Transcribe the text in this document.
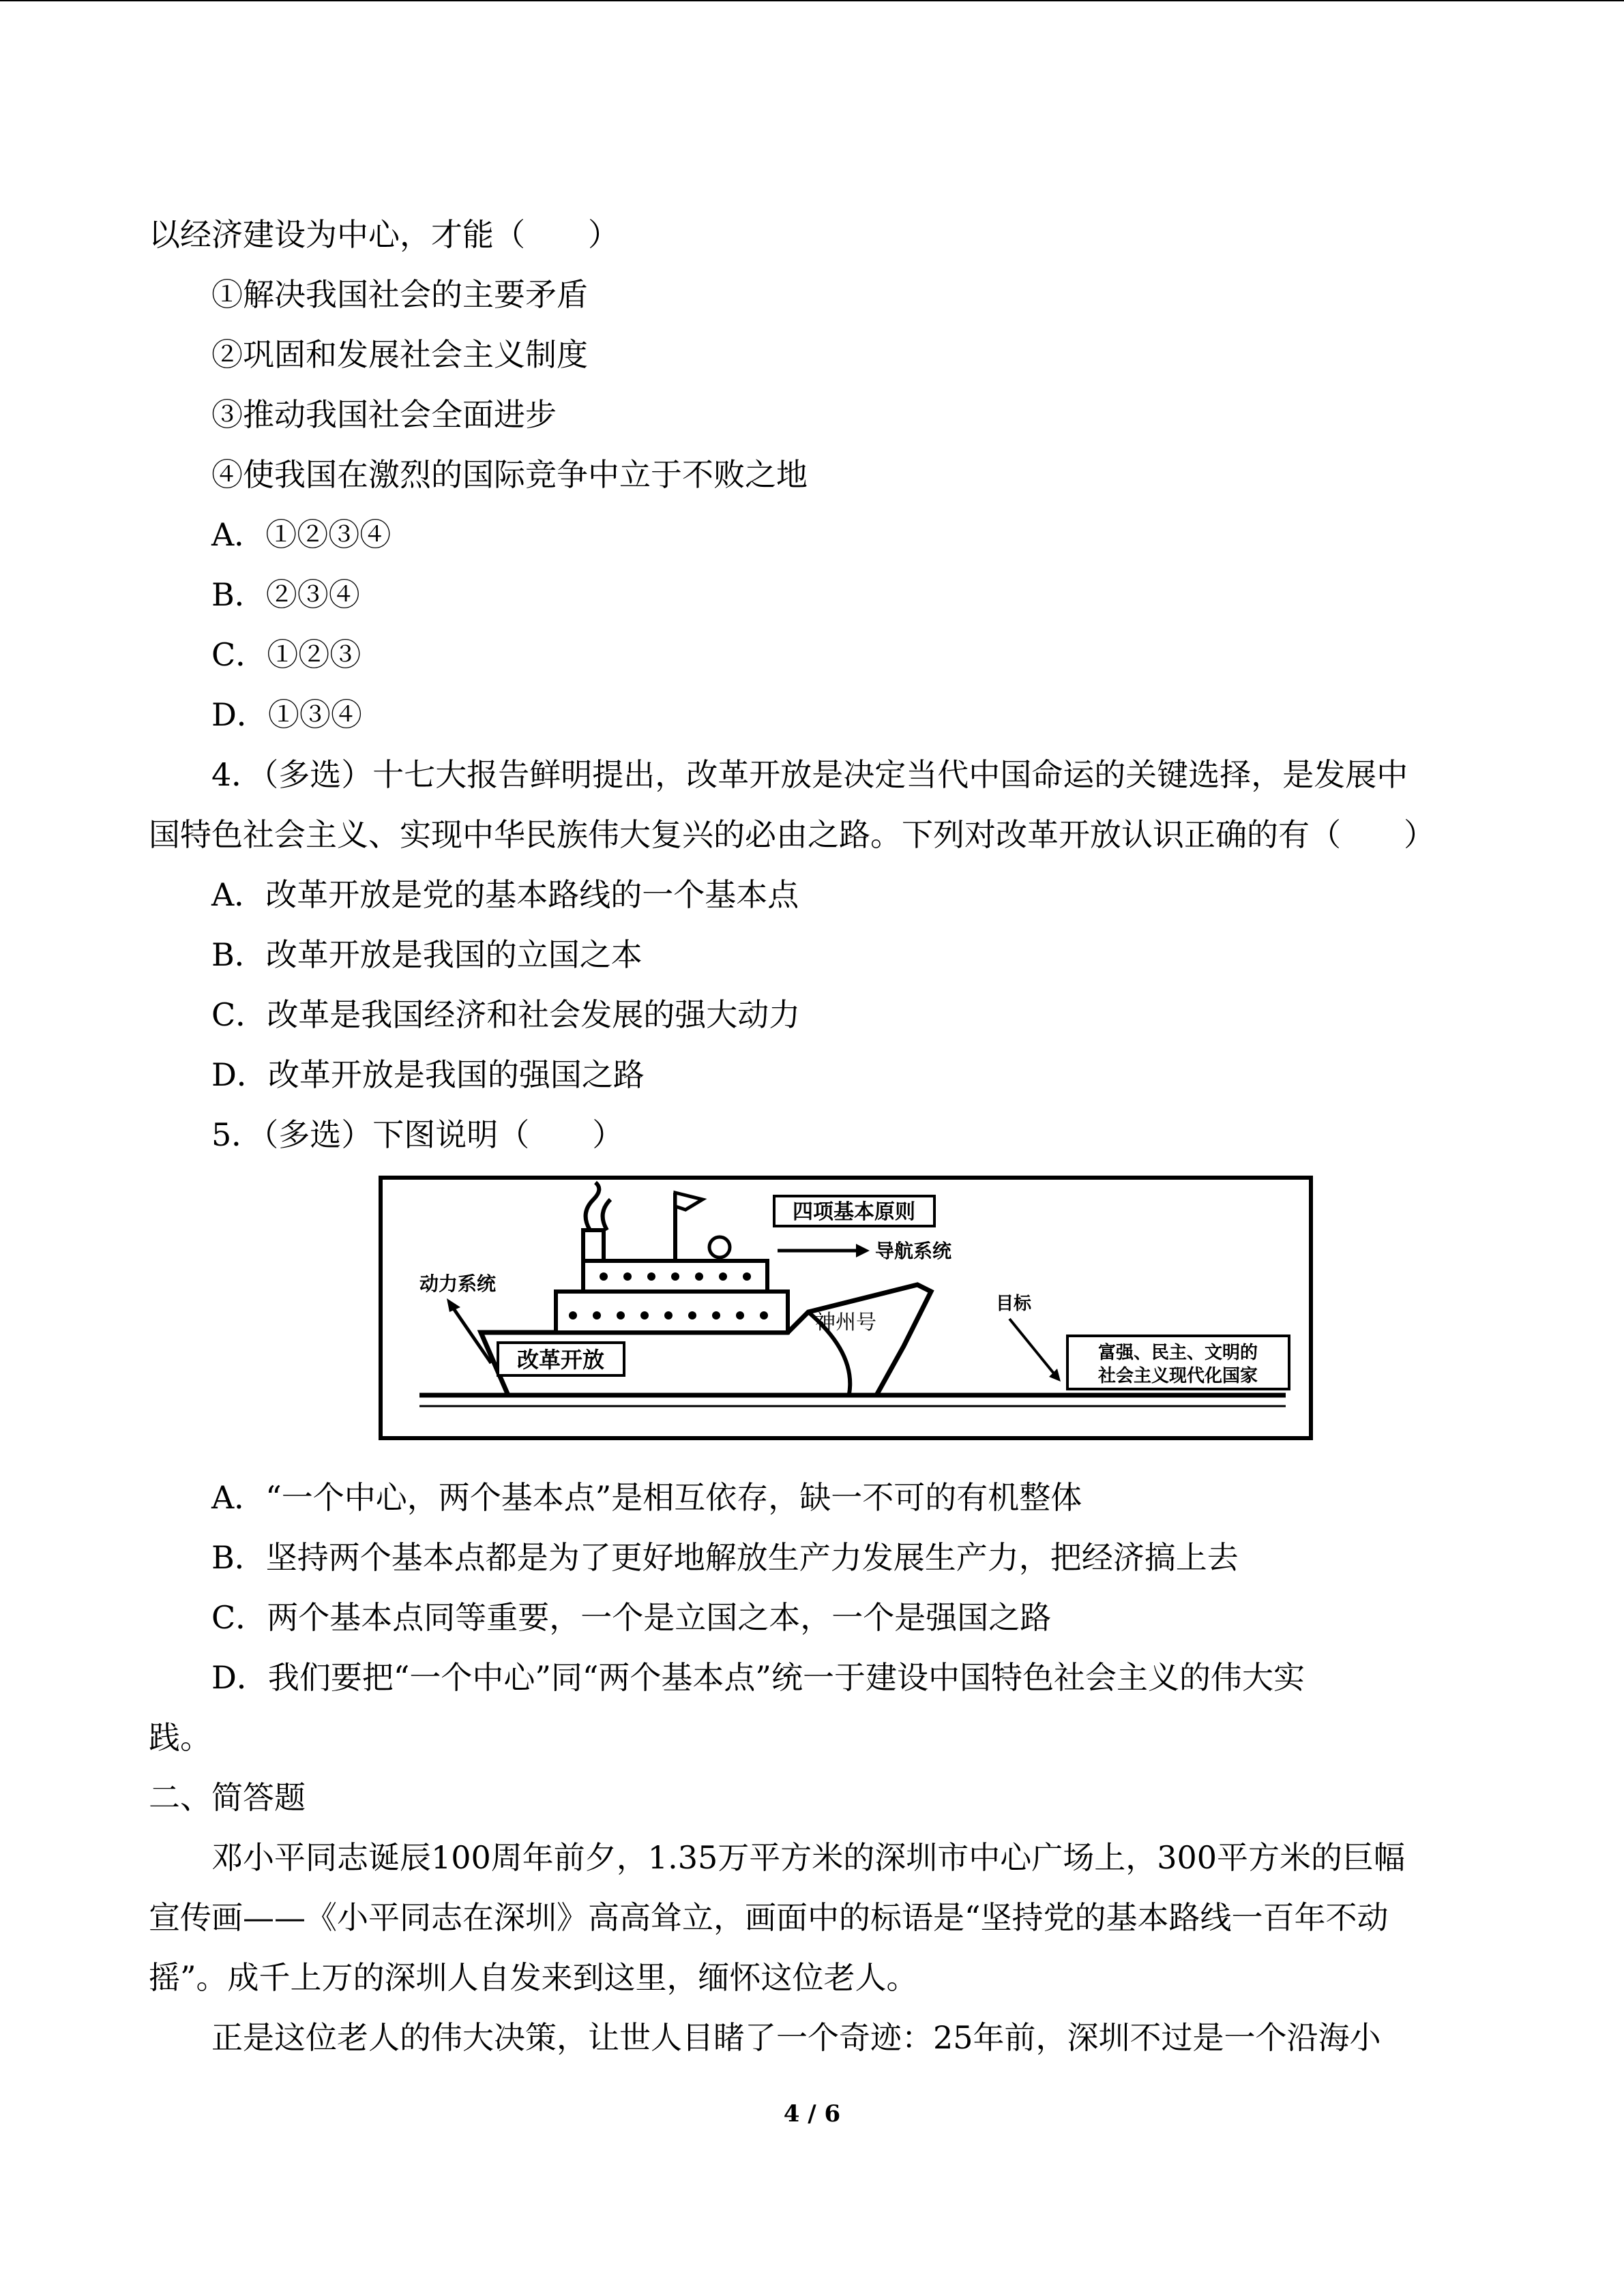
以经济建设为中心，才能（　　）
①解决我国社会的主要矛盾
②巩固和发展社会主义制度
③推动我国社会全面进步
④使我国在激烈的国际竞争中立于不败之地
A．①②③④
B．②③④
C．①②③
D．①③④
4．（多选）十七大报告鲜明提出，改革开放是决定当代中国命运的关键选择，是发展中
国特色社会主义、实现中华民族伟大复兴的必由之路。下列对改革开放认识正确的有（　　）
A．改革开放是党的基本路线的一个基本点
B．改革开放是我国的立国之本
C．改革是我国经济和社会发展的强大动力
D．改革开放是我国的强国之路
5．（多选）下图说明（　　）
四项基本原则
导航系统
动力系统
改革开放
神州号
目标
富强、民主、文明的
社会主义现代化国家
A．“一个中心，两个基本点”是相互依存，缺一不可的有机整体
B．坚持两个基本点都是为了更好地解放生产力发展生产力，把经济搞上去
C．两个基本点同等重要，一个是立国之本，一个是强国之路
D．我们要把“一个中心”同“两个基本点”统一于建设中国特色社会主义的伟大实
践。
二、简答题
邓小平同志诞辰100周年前夕，1.35万平方米的深圳市中心广场上，300平方米的巨幅
宣传画——《小平同志在深圳》高高耸立，画面中的标语是“坚持党的基本路线一百年不动
摇”。成千上万的深圳人自发来到这里，缅怀这位老人。
正是这位老人的伟大决策，让世人目睹了一个奇迹：25年前，深圳不过是一个沿海小
4 / 6
